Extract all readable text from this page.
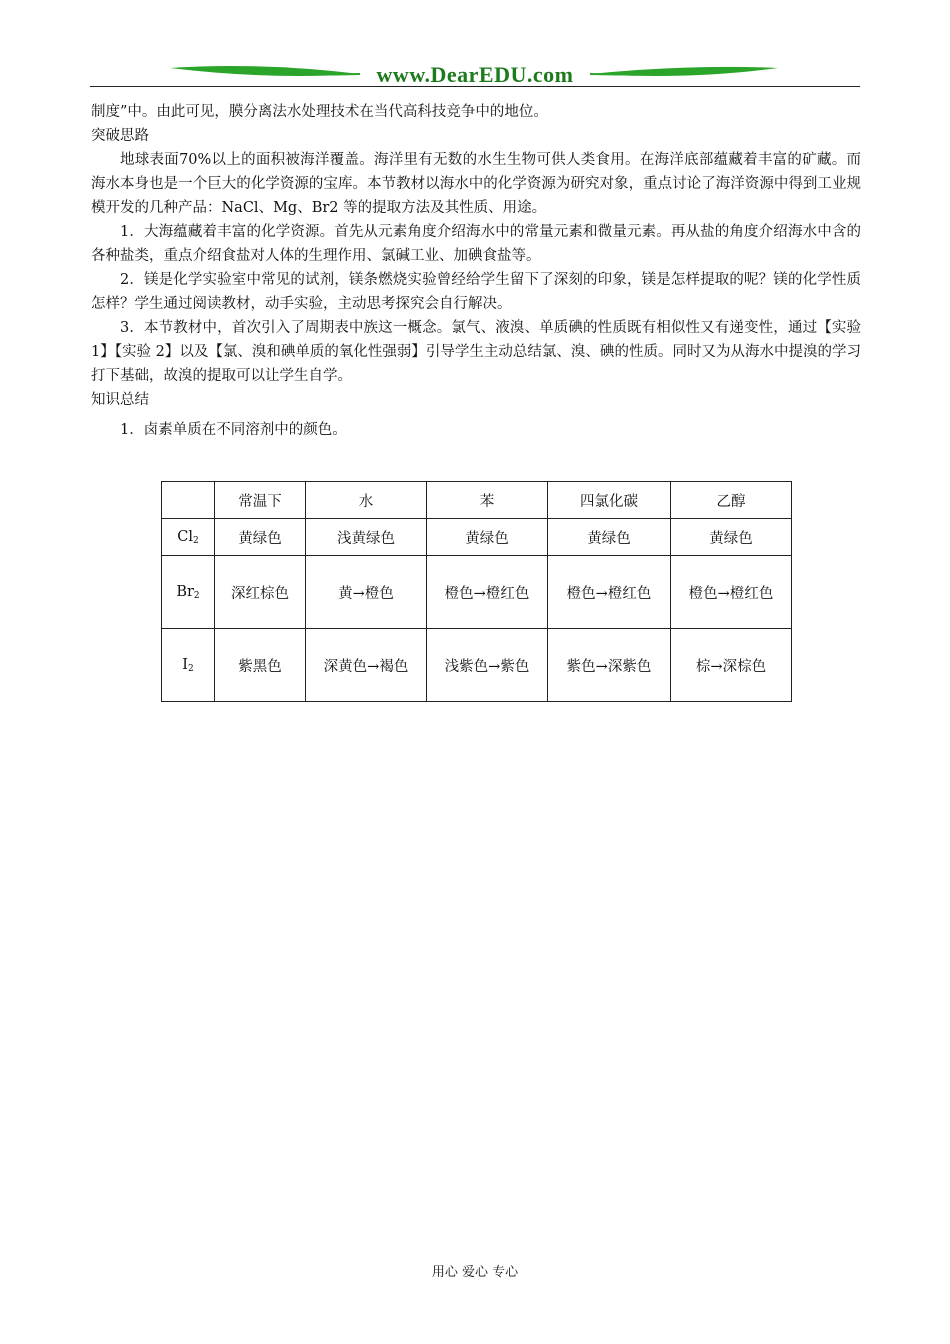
www.DearEDU.com

制度”中。由此可见，膜分离法水处理技术在当代高科技竞争中的地位。

突破思路

地球表面70%以上的面积被海洋覆盖。海洋里有无数的水生生物可供人类食用。在海洋底部蕴藏着丰富的矿藏。而海水本身也是一个巨大的化学资源的宝库。本节教材以海水中的化学资源为研究对象，重点讨论了海洋资源中得到工业规模开发的几种产品：NaCl、Mg、Br2 等的提取方法及其性质、用途。

1．大海蕴藏着丰富的化学资源。首先从元素角度介绍海水中的常量元素和微量元素。再从盐的角度介绍海水中含的各种盐类，重点介绍食盐对人体的生理作用、氯碱工业、加碘食盐等。

2．镁是化学实验室中常见的试剂，镁条燃烧实验曾经给学生留下了深刻的印象，镁是怎样提取的呢？镁的化学性质怎样？学生通过阅读教材，动手实验，主动思考探究会自行解决。

3．本节教材中，首次引入了周期表中族这一概念。氯气、液溴、单质碘的性质既有相似性又有递变性，通过【实验 1】【实验 2】以及【氯、溴和碘单质的氧化性强弱】引导学生主动总结氯、溴、碘的性质。同时又为从海水中提溴的学习打下基础，故溴的提取可以让学生自学。

知识总结

1．卤素单质在不同溶剂中的颜色。

	常温下	水	苯	四氯化碳	乙醇
$Cl_2$	黄绿色	浅黄绿色	黄绿色	黄绿色	黄绿色
$Br_2$	深红棕色	黄→橙色	橙色→橙红色	橙色→橙红色	橙色→橙红色
$I_2$	紫黑色	深黄色→褐色	浅紫色→紫色	紫色→深紫色	棕→深棕色
用心 爱心 专心
